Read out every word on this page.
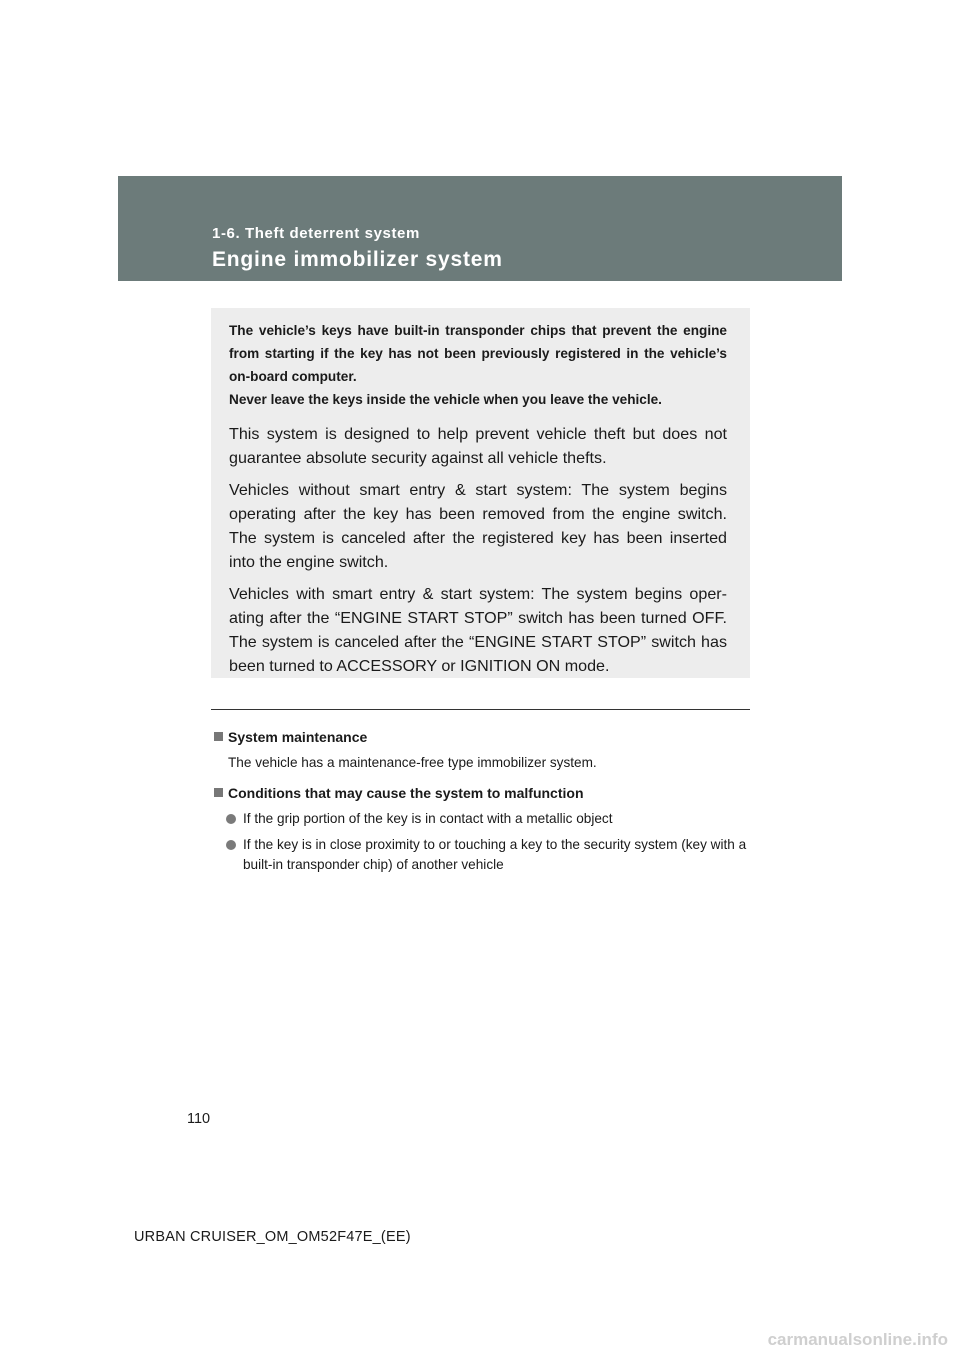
1-6. Theft deterrent system
Engine immobilizer system

The vehicle’s keys have built-in transponder chips that prevent the engine from starting if the key has not been previously registered in the vehicle’s on-board computer.

Never leave the keys inside the vehicle when you leave the vehicle.

This system is designed to help prevent vehicle theft but does not guarantee absolute security against all vehicle thefts.

Vehicles without smart entry & start system: The system begins operating after the key has been removed from the engine switch. The system is canceled after the registered key has been inserted into the engine switch.

Vehicles with smart entry & start system: The system begins oper-ating after the “ENGINE START STOP” switch has been turned OFF. The system is canceled after the “ENGINE START STOP” switch has been turned to ACCESSORY or IGNITION ON mode.

System maintenance

The vehicle has a maintenance-free type immobilizer system.

Conditions that may cause the system to malfunction

If the grip portion of the key is in contact with a metallic object

If the key is in close proximity to or touching a key to the security system (key with a built-in transponder chip) of another vehicle

110
URBAN CRUISER_OM_OM52F47E_(EE)
carmanualsonline.info
